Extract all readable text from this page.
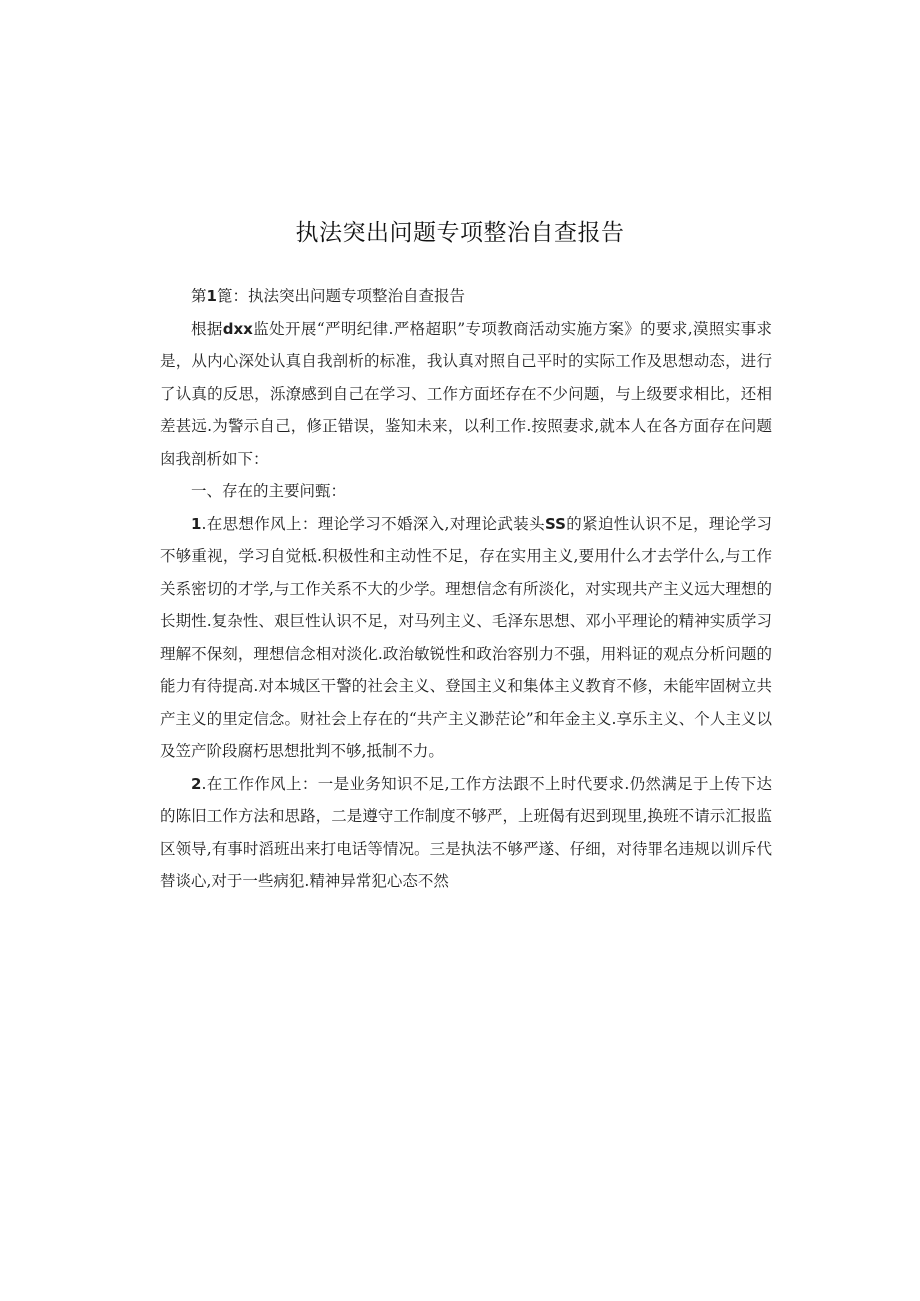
执法突出问题专项整治自查报告

第1篦：执法突出问题专项整治自查报告

根据dxx监处开展“严明纪律.严格超职”专项教商活动实施方案》的要求,漠照实事求是，从内心深处认真自我剖析的标准，我认真对照自己平时的实际工作及思想动态，进行了认真的反思，泺潦感到自己在学习、工作方面坯存在不少问题，与上级要求相比，还相差甚远.为警示自己，修正错误，鉴知未来，以利工作.按照妻求,就本人在各方面存在问题囱我剖析如下：

一、存在的主要问甄：

1.在思想作风上：理论学习不婚深入,对理论武装头SS的紧迫性认识不足，理论学习不够重视，学习自觉柢.积极性和主动性不足，存在实用主义,要用什么才去学什么,与工作关系密切的才学,与工作关系不大的少学。理想信念有所淡化，对实现共产主义远大理想的长期性.复杂性、艰巨性认识不足，对马列主义、毛泽东思想、邓小平理论的精神实质学习理解不保刻，理想信念相对淡化.政治敏锐性和政治容别力不强，用料证的观点分析问题的能力有待提高.对本城区干警的社会主义、登国主义和集体主义教育不修，未能牢固树立共产主义的里定信念。财社会上存在的“共产主义渺茫论”和年金主义.享乐主义、个人主义以及笠产阶段腐朽思想批判不够,抵制不力。

2.在工作作风上：一是业务知识不足,工作方法跟不上时代要求.仍然满足于上传下达的陈旧工作方法和思路，二是遵守工作制度不够严，上班偈有迟到现里,换班不请示汇报监区领导,有事时滔班出来打电话等情况。三是执法不够严遂、仔细，对待罪名违规以训斥代替谈心,对于一些病犯.精神异常犯心态不然
